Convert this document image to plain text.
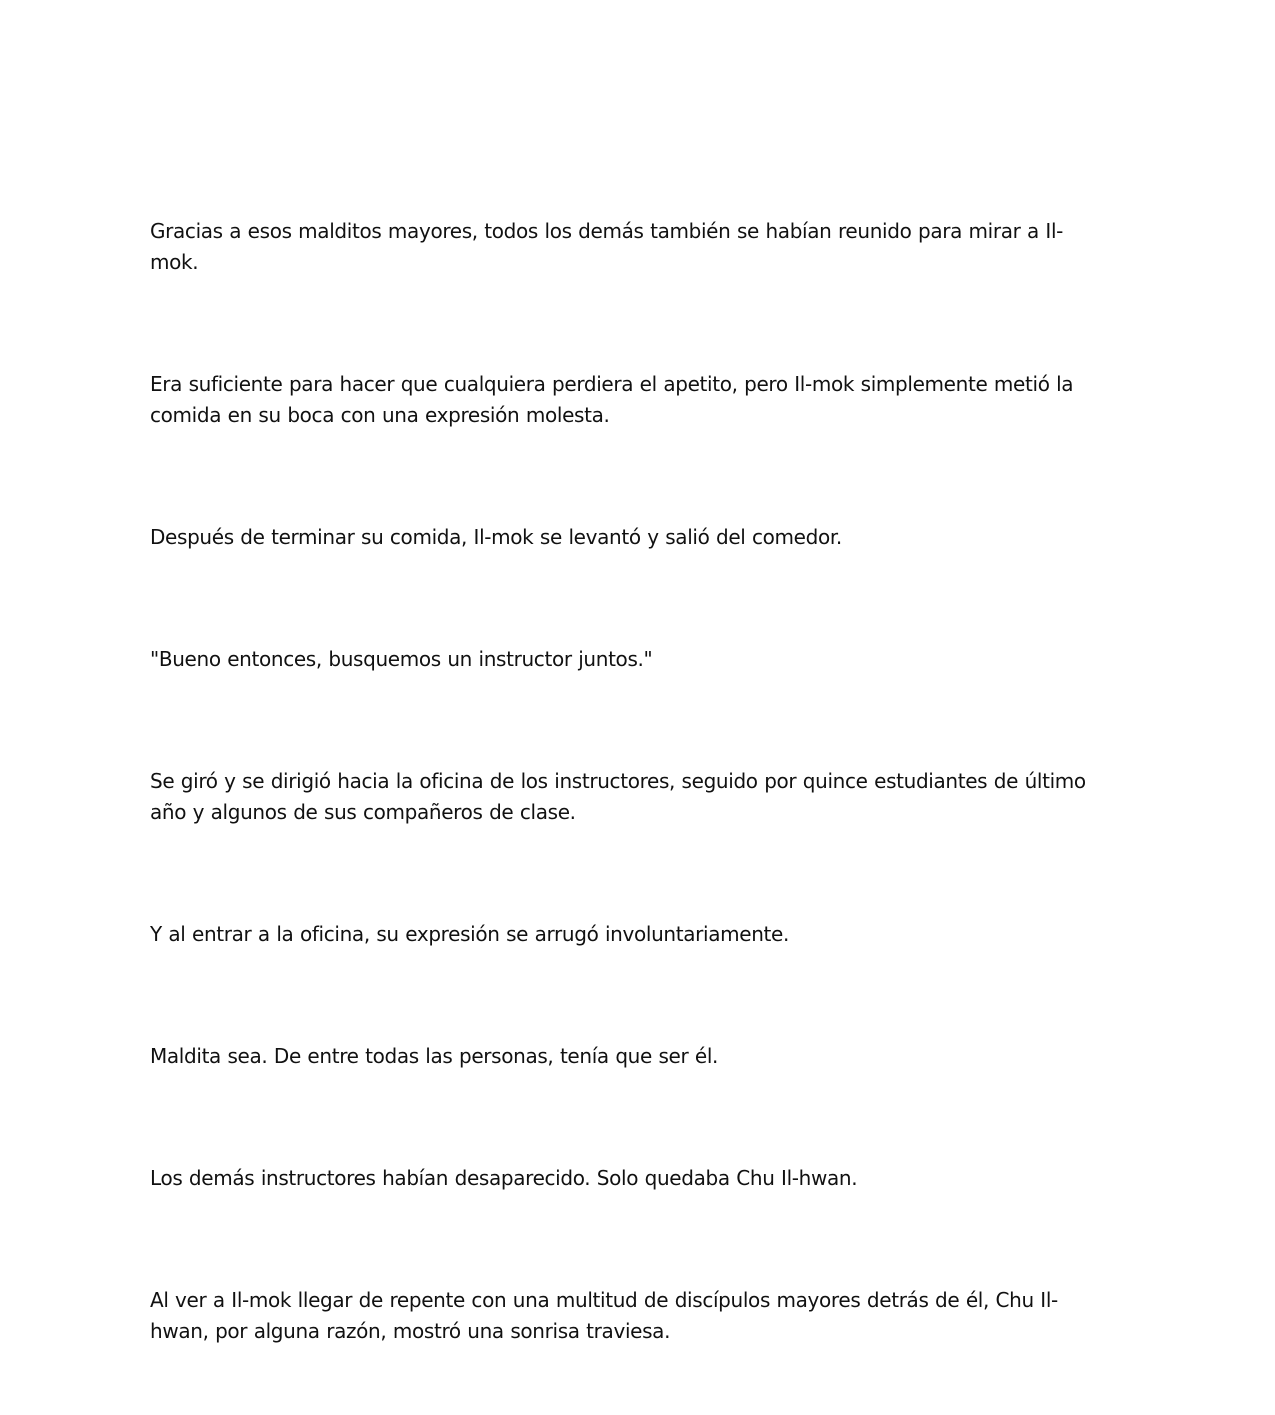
Gracias a esos malditos mayores, todos los demás también se habían reunido para mirar a Il-
mok.

Era suficiente para hacer que cualquiera perdiera el apetito, pero Il-mok simplemente metió la
comida en su boca con una expresión molesta.

Después de terminar su comida, Il-mok se levantó y salió del comedor.

"Bueno entonces, busquemos un instructor juntos."

Se giró y se dirigió hacia la oficina de los instructores, seguido por quince estudiantes de último
año y algunos de sus compañeros de clase.

Y al entrar a la oficina, su expresión se arrugó involuntariamente.

Maldita sea. De entre todas las personas, tenía que ser él.

Los demás instructores habían desaparecido. Solo quedaba Chu Il-hwan.

Al ver a Il-mok llegar de repente con una multitud de discípulos mayores detrás de él, Chu Il-
hwan, por alguna razón, mostró una sonrisa traviesa.
